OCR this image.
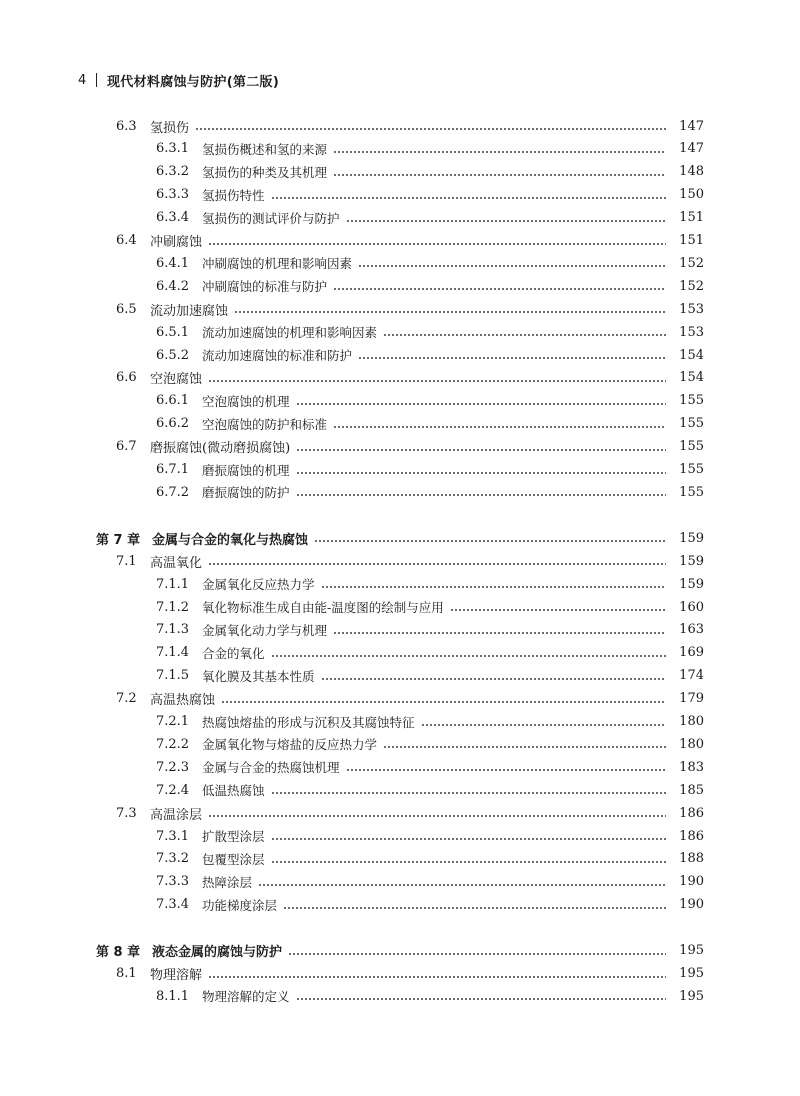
4	现代材料腐蚀与防护(第二版)
6.3 氢损伤	147
6.3.1 氢损伤概述和氢的来源	147
6.3.2 氢损伤的种类及其机理	148
6.3.3 氢损伤特性	150
6.3.4 氢损伤的测试评价与防护	151
6.4 冲刷腐蚀	151
6.4.1 冲刷腐蚀的机理和影响因素	152
6.4.2 冲刷腐蚀的标准与防护	152
6.5 流动加速腐蚀	153
6.5.1 流动加速腐蚀的机理和影响因素	153
6.5.2 流动加速腐蚀的标准和防护	154
6.6 空泡腐蚀	154
6.6.1 空泡腐蚀的机理	155
6.6.2 空泡腐蚀的防护和标准	155
6.7 磨振腐蚀(微动磨损腐蚀)	155
6.7.1 磨振腐蚀的机理	155
6.7.2 磨振腐蚀的防护	155
第 7 章 金属与合金的氧化与热腐蚀	159
7.1 高温氧化	159
7.1.1 金属氧化反应热力学	159
7.1.2 氧化物标准生成自由能-温度图的绘制与应用	160
7.1.3 金属氧化动力学与机理	163
7.1.4 合金的氧化	169
7.1.5 氧化膜及其基本性质	174
7.2 高温热腐蚀	179
7.2.1 热腐蚀熔盐的形成与沉积及其腐蚀特征	180
7.2.2 金属氧化物与熔盐的反应热力学	180
7.2.3 金属与合金的热腐蚀机理	183
7.2.4 低温热腐蚀	185
7.3 高温涂层	186
7.3.1 扩散型涂层	186
7.3.2 包覆型涂层	188
7.3.3 热障涂层	190
7.3.4 功能梯度涂层	190
第 8 章 液态金属的腐蚀与防护	195
8.1 物理溶解	195
8.1.1 物理溶解的定义	195
